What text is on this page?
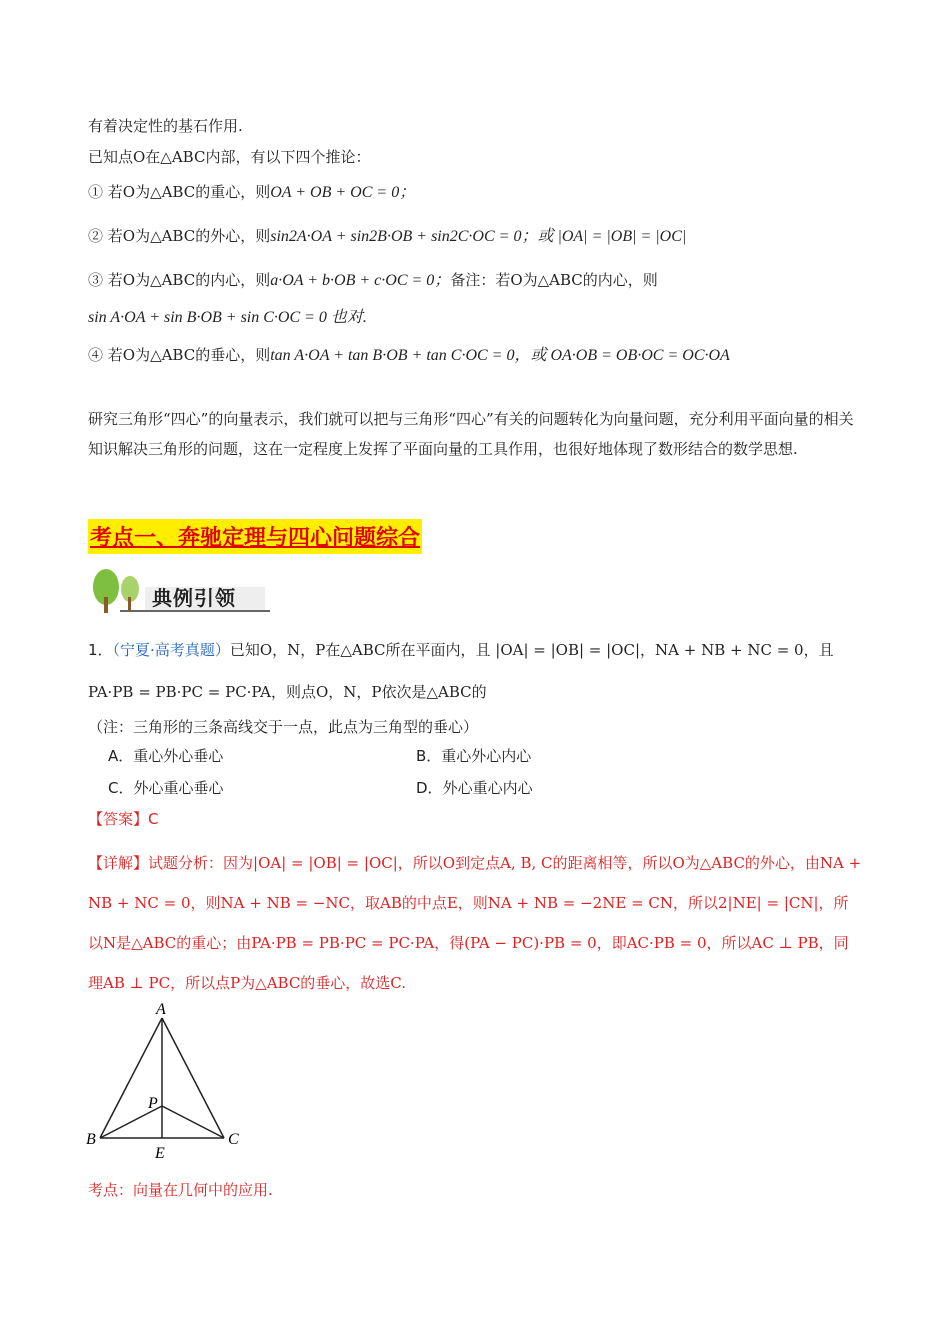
有着决定性的基石作用.
已知点O在△ABC内部，有以下四个推论：
① 若O为△ABC的重心，则OA + OB + OC = 0；
② 若O为△ABC的外心，则sin2A·OA + sin2B·OB + sin2C·OC = 0；或 |OA| = |OB| = |OC|
③ 若O为△ABC的内心，则a·OA + b·OB + c·OC = 0；备注：若O为△ABC的内心，则
sin A·OA + sin B·OB + sin C·OC = 0 也对.
④ 若O为△ABC的垂心，则tan A·OA + tan B·OB + tan C·OC = 0，或 OA·OB = OB·OC = OC·OA
研究三角形“四心”的向量表示，我们就可以把与三角形“四心”有关的问题转化为向量问题，充分利用平面向量的相关知识解决三角形的问题，这在一定程度上发挥了平面向量的工具作用，也很好地体现了数形结合的数学思想.
考点一、奔驰定理与四心问题综合
典例引领
1．（宁夏·高考真题）已知O，N，P在△ABC所在平面内，且 |OA| = |OB| = |OC|，NA + NB + NC = 0，且
PA·PB = PB·PC = PC·PA，则点O，N，P依次是△ABC的
（注：三角形的三条高线交于一点，此点为三角型的垂心）
A．重心外心垂心	B．重心外心内心
C．外心重心垂心	D．外心重心内心
【答案】C
【详解】试题分析：因为|OA| = |OB| = |OC|，所以O到定点A, B, C的距离相等，所以O为△ABC的外心，由NA + NB + NC = 0，则NA + NB = −NC，取AB的中点E，则NA + NB = −2NE = CN，所以2|NE| = |CN|，所以N是△ABC的重心；由PA·PB = PB·PC = PC·PA，得(PA − PC)·PB = 0，即AC·PB = 0，所以AC ⊥ PB，同理AB ⊥ PC，所以点P为△ABC的垂心，故选C.
A
B	C
P
E
考点：向量在几何中的应用.
